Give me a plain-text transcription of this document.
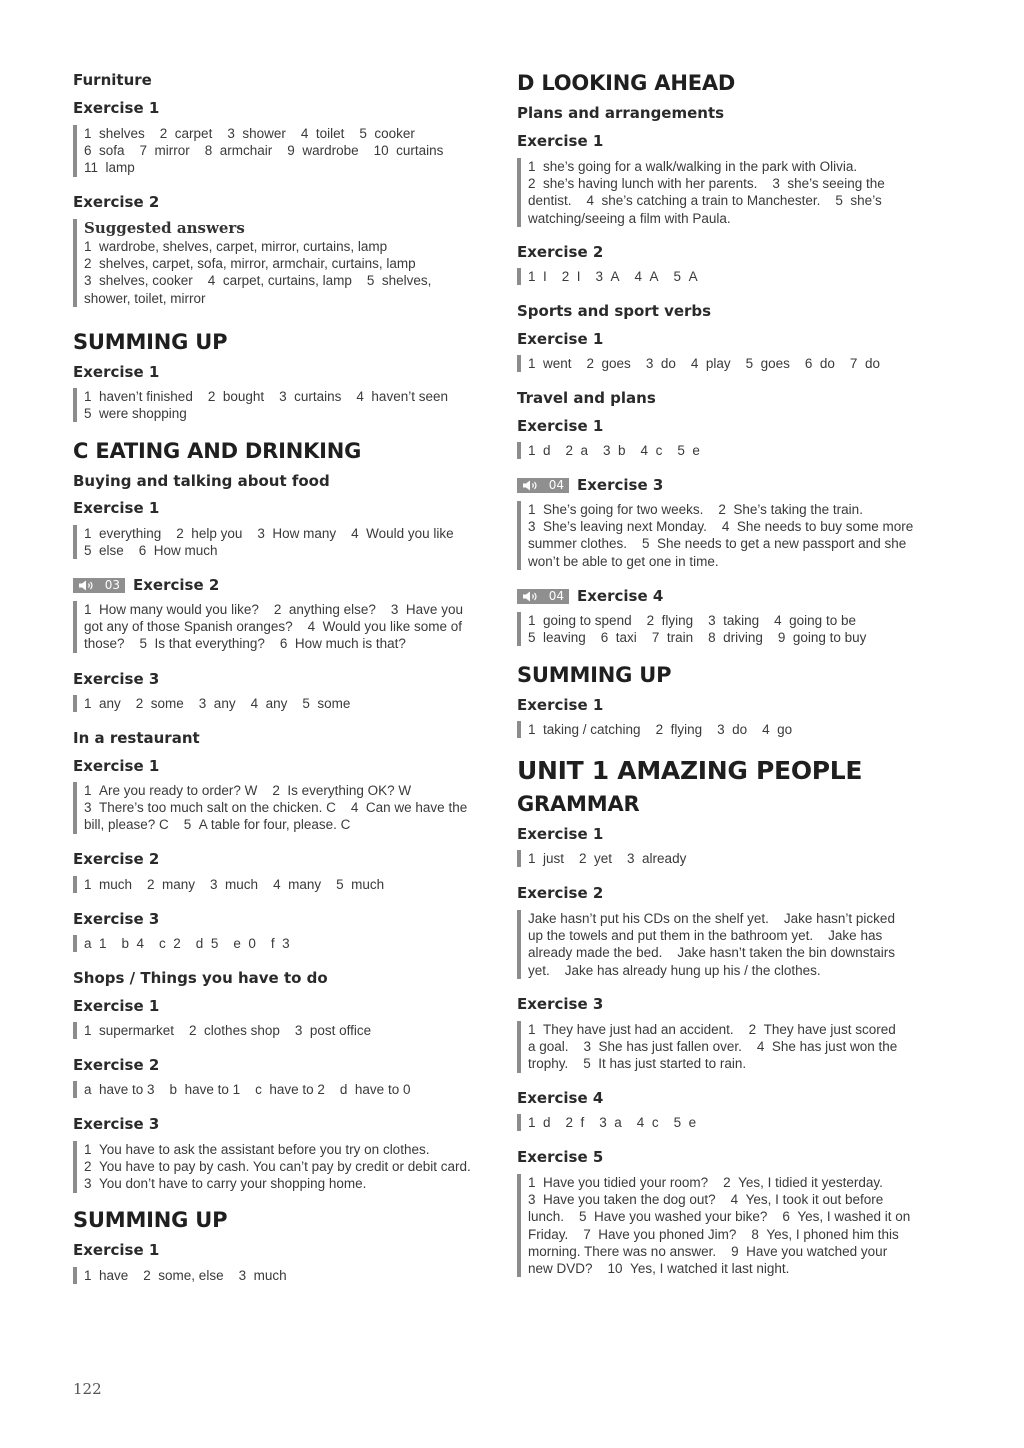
Furniture
Exercise 1
1  shelves    2  carpet    3  shower    4  toilet    5  cooker
6  sofa    7  mirror    8  armchair    9  wardrobe    10  curtains
11  lamp
Exercise 2
Suggested answers
1  wardrobe, shelves, carpet, mirror, curtains, lamp
2  shelves, carpet, sofa, mirror, armchair, curtains, lamp
3  shelves, cooker    4  carpet, curtains, lamp    5  shelves,
shower, toilet, mirror
SUMMING UP
Exercise 1
1  haven’t finished    2  bought    3  curtains    4  haven’t seen
5  were shopping
C EATING AND DRINKING
Buying and talking about food
Exercise 1
1  everything    2  help you    3  How many    4  Would you like
5  else    6  How much
03 Exercise 2
1  How many would you like?    2  anything else?    3  Have you
got any of those Spanish oranges?    4  Would you like some of
those?    5  Is that everything?    6  How much is that?
Exercise 3
1  any    2  some    3  any    4  any    5  some
In a restaurant
Exercise 1
1  Are you ready to order? W    2  Is everything OK? W
3  There’s too much salt on the chicken. C    4  Can we have the
bill, please? C    5  A table for four, please. C
Exercise 2
1  much    2  many    3  much    4  many    5  much
Exercise 3
a  1    b  4    c  2    d  5    e  0    f  3
Shops / Things you have to do
Exercise 1
1  supermarket    2  clothes shop    3  post office
Exercise 2
a  have to 3    b  have to 1    c  have to 2    d  have to 0
Exercise 3
1  You have to ask the assistant before you try on clothes.
2  You have to pay by cash. You can’t pay by credit or debit card.
3  You don’t have to carry your shopping home.
SUMMING UP
Exercise 1
1  have    2  some, else    3  much
D LOOKING AHEAD
Plans and arrangements
Exercise 1
1  she’s going for a walk/walking in the park with Olivia.
2  she’s having lunch with her parents.    3  she’s seeing the
dentist.    4  she’s catching a train to Manchester.    5  she’s
watching/seeing a film with Paula.
Exercise 2
1  I    2  I    3  A    4  A    5  A
Sports and sport verbs
Exercise 1
1  went    2  goes    3  do    4  play    5  goes    6  do    7  do
Travel and plans
Exercise 1
1  d    2  a    3  b    4  c    5  e
04 Exercise 3
1  She’s going for two weeks.    2  She’s taking the train.
3  She’s leaving next Monday.    4  She needs to buy some more
summer clothes.    5  She needs to get a new passport and she
won’t be able to get one in time.
04 Exercise 4
1  going to spend    2  flying    3  taking    4  going to be
5  leaving    6  taxi    7  train    8  driving    9  going to buy
SUMMING UP
Exercise 1
1  taking / catching    2  flying    3  do    4  go
UNIT 1 AMAZING PEOPLE
GRAMMAR
Exercise 1
1  just    2  yet    3  already
Exercise 2
Jake hasn’t put his CDs on the shelf yet.    Jake hasn’t picked
up the towels and put them in the bathroom yet.    Jake has
already made the bed.    Jake hasn’t taken the bin downstairs
yet.    Jake has already hung up his / the clothes.
Exercise 3
1  They have just had an accident.    2  They have just scored
a goal.    3  She has just fallen over.    4  She has just won the
trophy.    5  It has just started to rain.
Exercise 4
1  d    2  f    3  a    4  c    5  e
Exercise 5
1  Have you tidied your room?    2  Yes, I tidied it yesterday.
3  Have you taken the dog out?    4  Yes, I took it out before
lunch.    5  Have you washed your bike?    6  Yes, I washed it on
Friday.    7  Have you phoned Jim?    8  Yes, I phoned him this
morning. There was no answer.    9  Have you watched your
new DVD?    10  Yes, I watched it last night.
122
